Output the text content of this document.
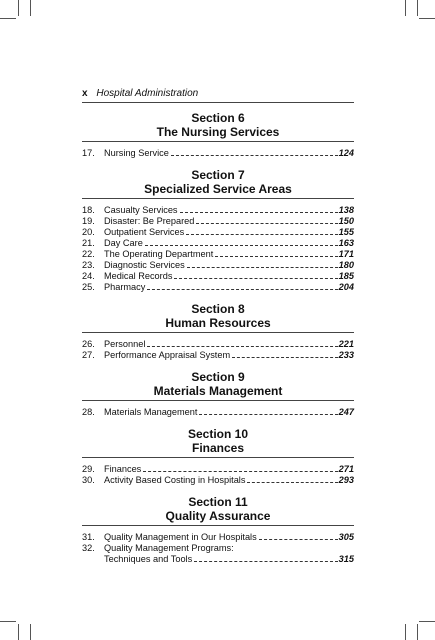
x Hospital Administration
Section 6
The Nursing Services
17.	Nursing Service	124
Section 7
Specialized Service Areas
18.	Casualty Services	138
19.	Disaster: Be Prepared	150
20.	Outpatient Services	155
21.	Day Care	163
22.	The Operating Department	171
23.	Diagnostic Services	180
24.	Medical Records	185
25.	Pharmacy	204
Section 8
Human Resources
26.	Personnel	221
27.	Performance Appraisal System	233
Section 9
Materials Management
28.	Materials Management	247
Section 10
Finances
29.	Finances	271
30.	Activity Based Costing in Hospitals	293
Section 11
Quality Assurance
31.	Quality Management in Our Hospitals	305
32.	Quality Management Programs:
Techniques and Tools	315
